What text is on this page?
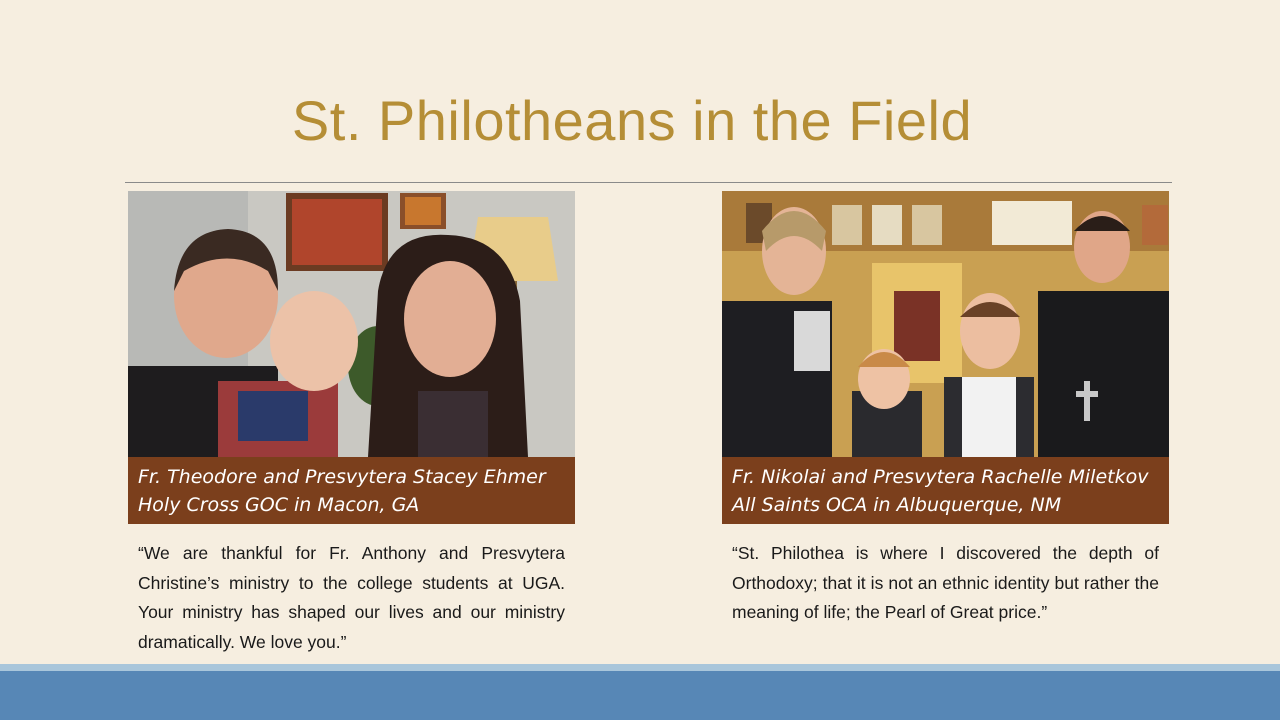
St. Philotheans in the Field
Fr. Theodore and Presvytera Stacey Ehmer
Holy Cross GOC in Macon, GA
“We are thankful for Fr. Anthony and Presvytera Christine’s ministry to the college students at UGA. Your ministry has shaped our lives and our ministry dramatically. We love you.”
Fr. Nikolai and Presvytera Rachelle Miletkov
All Saints OCA in Albuquerque, NM
“St. Philothea is where I discovered the depth of Orthodoxy; that it is not an ethnic identity but rather the meaning of life; the Pearl of Great price.”
